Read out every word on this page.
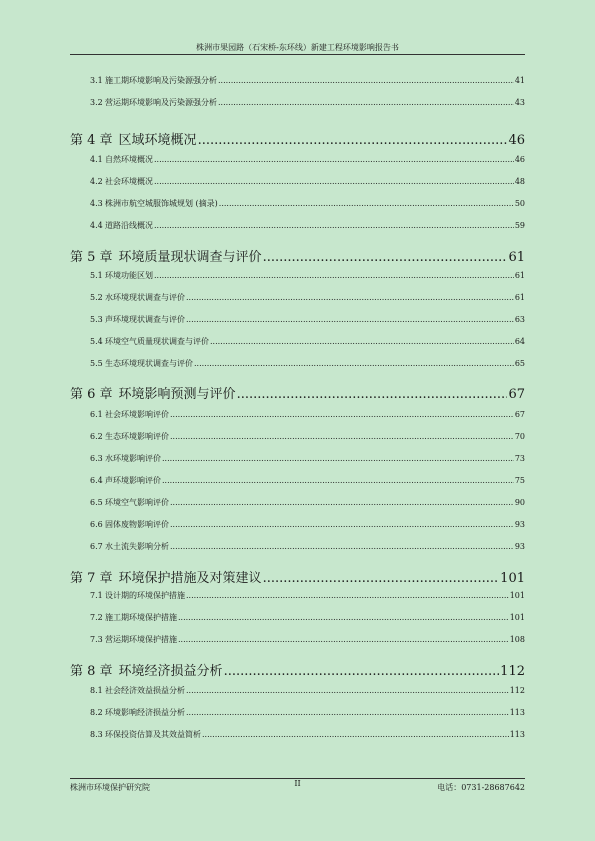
株洲市果园路（石宋桥-东环线）新建工程环境影响报告书
3.1 施工期环境影响及污染源强分析 .....	41
3.2 营运期环境影响及污染源强分析 .....	43
第 4 章 区域环境概况 .....	46
4.1 自然环境概况 .....	46
4.2 社会环境概况 .....	48
4.3 株洲市航空城服饰城规划 (摘录) .....	50
4.4 道路沿线概况 .....	59
第 5 章 环境质量现状调查与评价 .....	61
5.1 环境功能区划 .....	61
5.2 水环境现状调查与评价 .....	61
5.3 声环境现状调查与评价 .....	63
5.4 环境空气质量现状调查与评价 .....	64
5.5 生态环境现状调查与评价 .....	65
第 6 章 环境影响预测与评价 .....	67
6.1 社会环境影响评价 .....	67
6.2 生态环境影响评价 .....	70
6.3 水环境影响评价 .....	73
6.4 声环境影响评价 .....	75
6.5 环境空气影响评价 .....	90
6.6 固体废物影响评价 .....	93
6.7 水土流失影响分析 .....	93
第 7 章 环境保护措施及对策建议 .....	101
7.1 设计期的环境保护措施 .....	101
7.2 施工期环境保护措施 .....	101
7.3 营运期环境保护措施 .....	108
第 8 章 环境经济损益分析 .....	112
8.1 社会经济效益损益分析 .....	112
8.2 环境影响经济损益分析 .....	113
8.3 环保投资估算及其效益简析 .....	113
株洲市环境保护研究院	II	电话：0731-28687642
